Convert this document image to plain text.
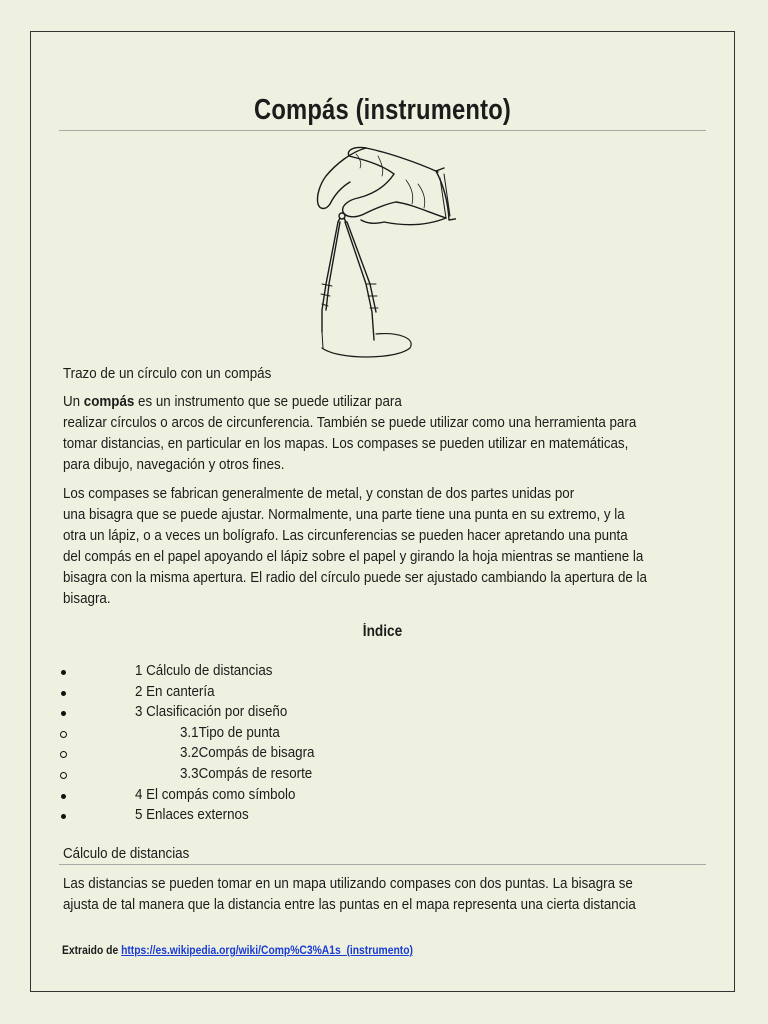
Compás (instrumento)
Trazo de un círculo con un compás

Un compás es un instrumento que se puede utilizar para

realizar círculos o arcos de circunferencia. También se puede utilizar como una herramienta para

tomar distancias, en particular en los mapas. Los compases se pueden utilizar en matemáticas,

para dibujo, navegación y otros fines.

Los compases se fabrican generalmente de metal, y constan de dos partes unidas por

una bisagra que se puede ajustar. Normalmente, una parte tiene una punta en su extremo, y la

otra un lápiz, o a veces un bolígrafo. Las circunferencias se pueden hacer apretando una punta

del compás en el papel apoyando el lápiz sobre el papel y girando la hoja mientras se mantiene la

bisagra con la misma apertura. El radio del círculo puede ser ajustado cambiando la apertura de la

bisagra.

Índice
1 Cálculo de distancias
2 En cantería
3 Clasificación por diseño
3.1Tipo de punta
3.2Compás de bisagra
3.3Compás de resorte
4 El compás como símbolo
5 Enlaces externos
Cálculo de distancias

Las distancias se pueden tomar en un mapa utilizando compases con dos puntas. La bisagra se

ajusta de tal manera que la distancia entre las puntas en el mapa representa una cierta distancia

Extraido de https://es.wikipedia.org/wiki/Comp%C3%A1s_(instrumento)
